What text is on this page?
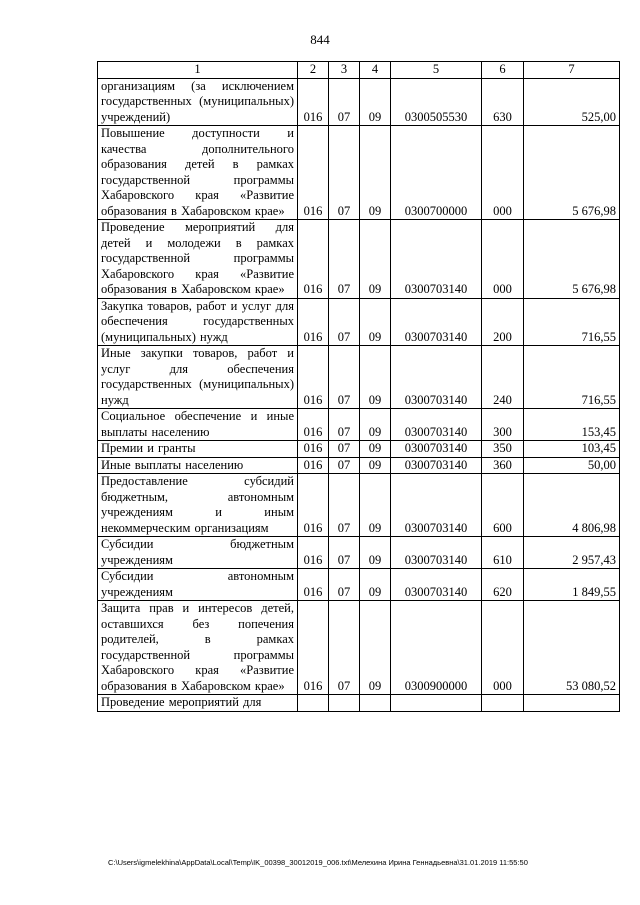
844
1	2	3	4	5	6	7
организациям (за исключением государственных (муниципальных) учреждений)	016	07	09	0300505530	630	525,00
Повышение доступности и качества дополнительного образования детей в рамках государственной программы Хабаровского края «Развитие образования в Хабаровском крае»	016	07	09	0300700000	000	5 676,98
Проведение мероприятий для детей и молодежи в рамках государственной программы Хабаровского края «Развитие образования в Хабаровском крае»	016	07	09	0300703140	000	5 676,98
Закупка товаров, работ и услуг для обеспечения государственных (муниципальных) нужд	016	07	09	0300703140	200	716,55
Иные закупки товаров, работ и услуг для обеспечения государственных (муниципальных) нужд	016	07	09	0300703140	240	716,55
Социальное обеспечение и иные выплаты населению	016	07	09	0300703140	300	153,45
Премии и гранты	016	07	09	0300703140	350	103,45
Иные выплаты населению	016	07	09	0300703140	360	50,00
Предоставление субсидий бюджетным, автономным учреждениям и иным некоммерческим организациям	016	07	09	0300703140	600	4 806,98
Субсидии бюджетным учреждениям	016	07	09	0300703140	610	2 957,43
Субсидии автономным учреждениям	016	07	09	0300703140	620	1 849,55
Защита прав и интересов детей, оставшихся без попечения родителей, в рамках государственной программы Хабаровского края «Развитие образования в Хабаровском крае»	016	07	09	0300900000	000	53 080,52
Проведение мероприятий для						
C:\Users\igmelekhina\AppData\Local\Temp\IK_00398_30012019_006.txt\Мелехина Ирина Геннадьевна\31.01.2019 11:55:50
